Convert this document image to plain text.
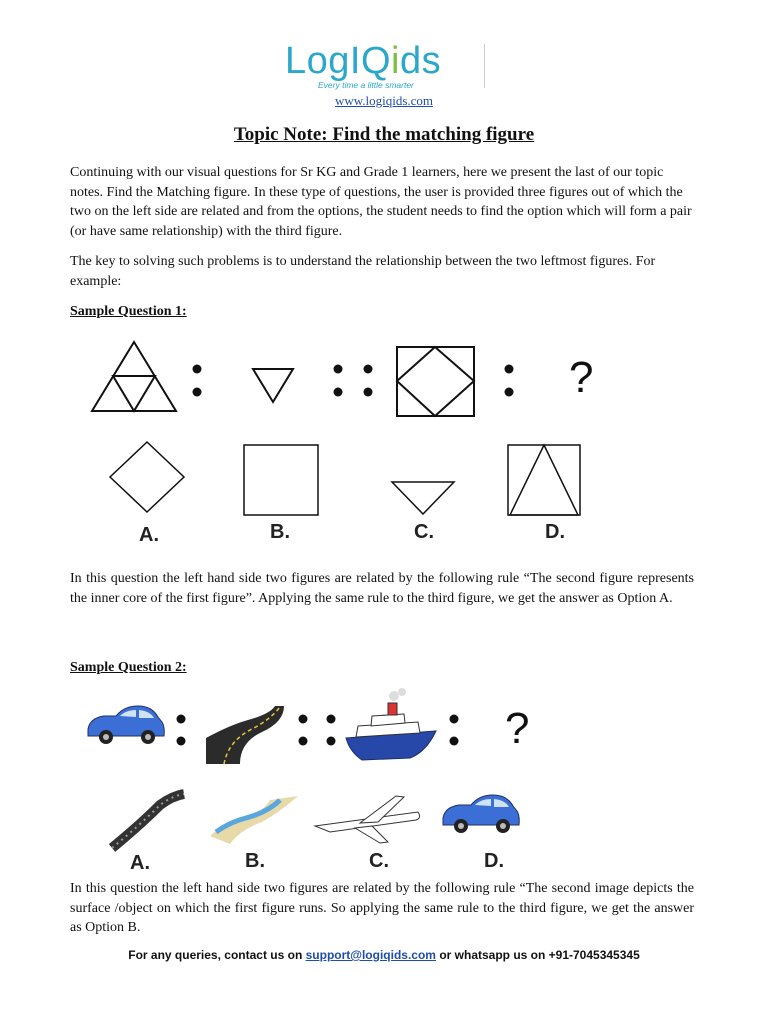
LogIQids
Every time a little smarter
www.logiqids.com
Topic Note: Find the matching figure
Continuing with our visual questions for Sr KG and Grade 1 learners, here we present the last of our topic notes. Find the Matching figure. In these type of questions, the user is provided three figures out of which the two on the left side are related and from the options, the student needs to find the option which will form a pair (or have same relationship) with the third figure.
The key to solving such problems is to understand the relationship between the two leftmost figures. For example:
Sample Question 1:
?
A.	B.	C.	D.
In this question the left hand side two figures are related by the following rule “The second figure represents the inner core of the first figure”. Applying the same rule to the third figure, we get the answer as Option A.
Sample Question 2:
?
A.	B.	C.	D.
In this question the left hand side two figures are related by the following rule “The second image depicts the surface /object on which the first figure runs. So applying the same rule to the third figure, we get the answer as Option B.
For any queries, contact us on support@logiqids.com or whatsapp us on +91-7045345345
